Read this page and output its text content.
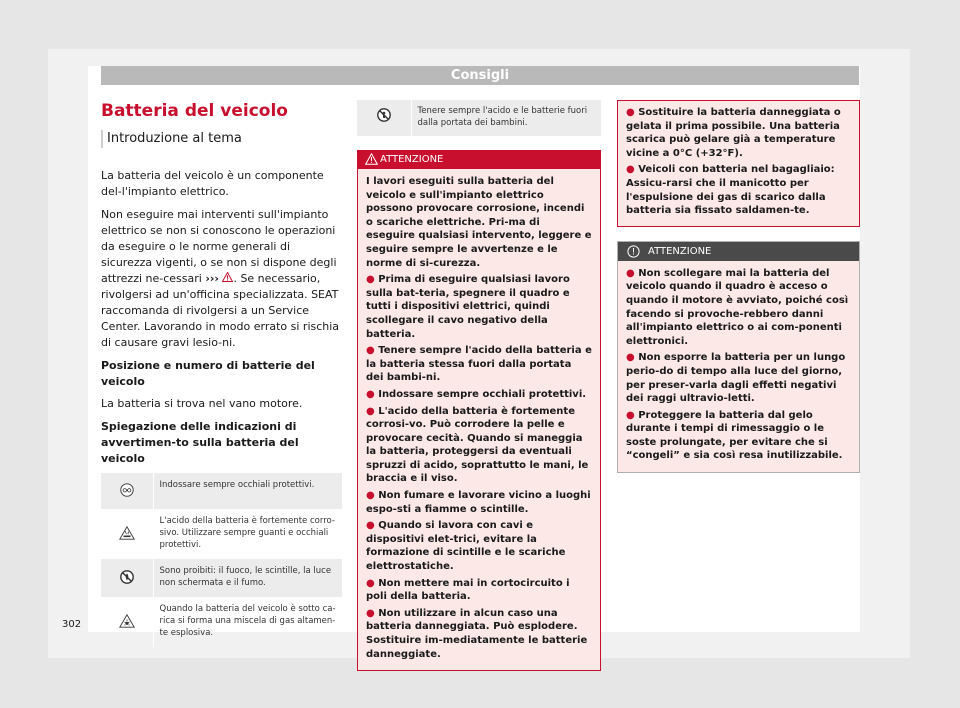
Consigli
Batteria del veicolo
Introduzione al tema

La batteria del veicolo è un componente del-l'impianto elettrico.

Non eseguire mai interventi sull'impianto elettrico se non si conoscono le operazioni da eseguire o le norme generali di sicurezza vigenti, o se non si dispone degli attrezzi ne-cessari ››› . Se necessario, rivolgersi ad un'officina specializzata. SEAT raccomanda di rivolgersi a un Service Center. Lavorando in modo errato si rischia di causare gravi lesio-ni.

Posizione e numero di batterie del veicolo

La batteria si trova nel vano motore.

Spiegazione delle indicazioni di avvertimen-to sulla batteria del veicolo

	Indossare sempre occhiali protettivi.
	L'acido della batteria è fortemente corro-sivo. Utilizzare sempre guanti e occhiali protettivi.
	Sono proibiti: il fuoco, le scintille, la luce non schermata e il fumo.
	Quando la batteria del veicolo è sotto ca-rica si forma una miscela di gas altamen-te esplosiva.
	Tenere sempre l'acido e le batterie fuori dalla portata dei bambini.
ATTENZIONE

I lavori eseguiti sulla batteria del veicolo e sull'impianto elettrico possono provocare corrosione, incendi o scariche elettriche. Pri-ma di eseguire qualsiasi intervento, leggere e seguire sempre le avvertenze e le norme di si-curezza.

● Prima di eseguire qualsiasi lavoro sulla bat-teria, spegnere il quadro e tutti i dispositivi elettrici, quindi scollegare il cavo negativo della batteria.

● Tenere sempre l'acido della batteria e la batteria stessa fuori dalla portata dei bambi-ni.

● Indossare sempre occhiali protettivi.

● L'acido della batteria è fortemente corrosi-vo. Può corrodere la pelle e provocare cecità. Quando si maneggia la batteria, proteggersi da eventuali spruzzi di acido, soprattutto le mani, le braccia e il viso.

● Non fumare e lavorare vicino a luoghi espo-sti a fiamme o scintille.

● Quando si lavora con cavi e dispositivi elet-trici, evitare la formazione di scintille e le scariche elettrostatiche.

● Non mettere mai in cortocircuito i poli della batteria.

● Non utilizzare in alcun caso una batteria danneggiata. Può esplodere. Sostituire im-mediatamente le batterie danneggiate.

● Sostituire la batteria danneggiata o gelata il prima possibile. Una batteria scarica può gelare già a temperature vicine a 0°C (+32°F).

● Veicoli con batteria nel bagagliaio: Assicu-rarsi che il manicotto per l'espulsione dei gas di scarico dalla batteria sia fissato saldamen-te.

ATTENZIONE

● Non scollegare mai la batteria del veicolo quando il quadro è acceso o quando il motore è avviato, poiché così facendo si provoche-rebbero danni all'impianto elettrico o ai com-ponenti elettronici.

● Non esporre la batteria per un lungo perio-do di tempo alla luce del giorno, per preser-varla dagli effetti negativi dei raggi ultravio-letti.

● Proteggere la batteria dal gelo durante i tempi di rimessaggio o le soste prolungate, per evitare che si “congeli” e sia così resa inutilizzabile.

302
